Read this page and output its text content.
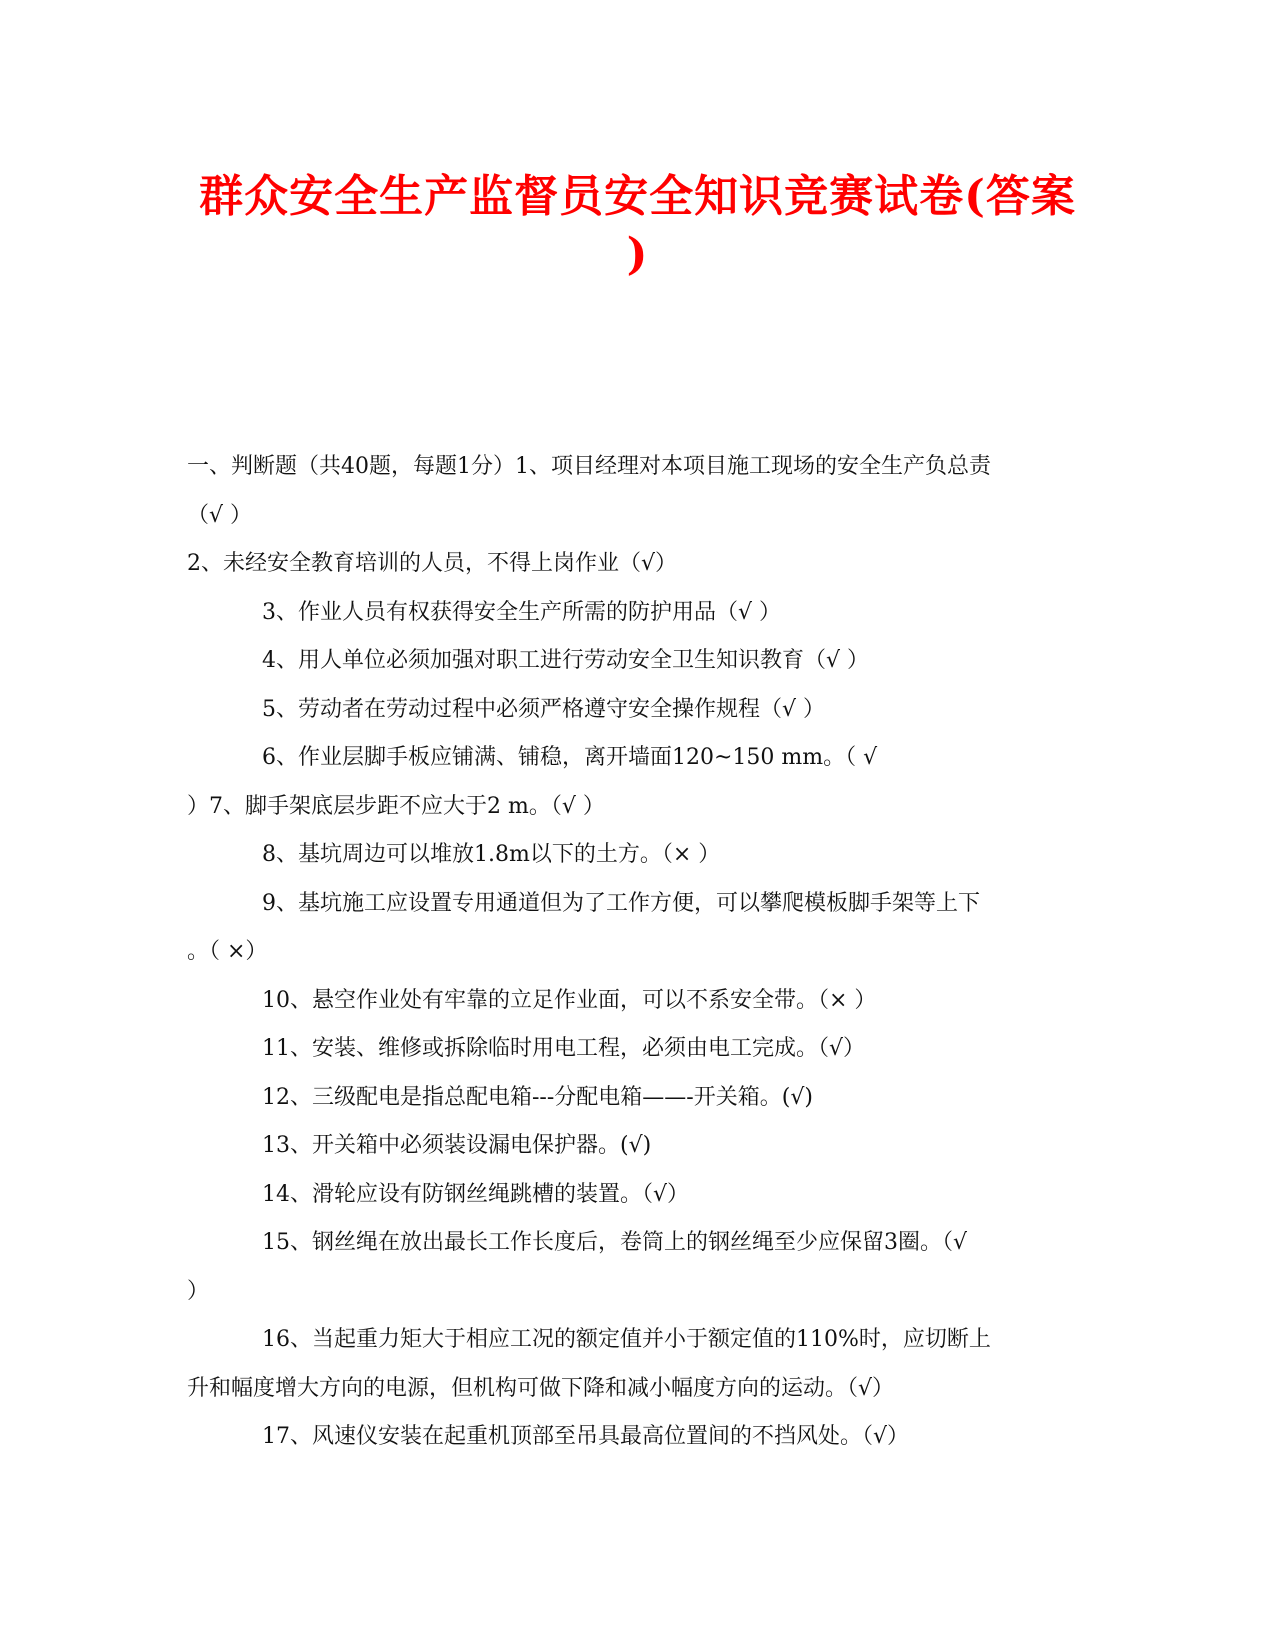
群众安全生产监督员安全知识竞赛试卷(答案
)
一、判断题（共40题，每题1分）1、项目经理对本项目施工现场的安全生产负总责
（√ ）
2、未经安全教育培训的人员，不得上岗作业（√）
3、作业人员有权获得安全生产所需的防护用品（√ ）
4、用人单位必须加强对职工进行劳动安全卫生知识教育（√ ）
5、劳动者在劳动过程中必须严格遵守安全操作规程（√ ）
6、作业层脚手板应铺满、铺稳，离开墙面120~150 mm。（ √
）7、脚手架底层步距不应大于2 m。（√ ）
8、基坑周边可以堆放1.8m以下的土方。（× ）
9、基坑施工应设置专用通道但为了工作方便，可以攀爬模板脚手架等上下
。（ ×）
10、悬空作业处有牢靠的立足作业面，可以不系安全带。（× ）
11、安装、维修或拆除临时用电工程，必须由电工完成。（√）
12、三级配电是指总配电箱---分配电箱——-开关箱。(√)
13、开关箱中必须装设漏电保护器。(√)
14、滑轮应设有防钢丝绳跳槽的装置。（√）
15、钢丝绳在放出最长工作长度后，卷筒上的钢丝绳至少应保留3圈。（√
）
16、当起重力矩大于相应工况的额定值并小于额定值的110%时，应切断上
升和幅度增大方向的电源，但机构可做下降和减小幅度方向的运动。（√）
17、风速仪安装在起重机顶部至吊具最高位置间的不挡风处。（√）
